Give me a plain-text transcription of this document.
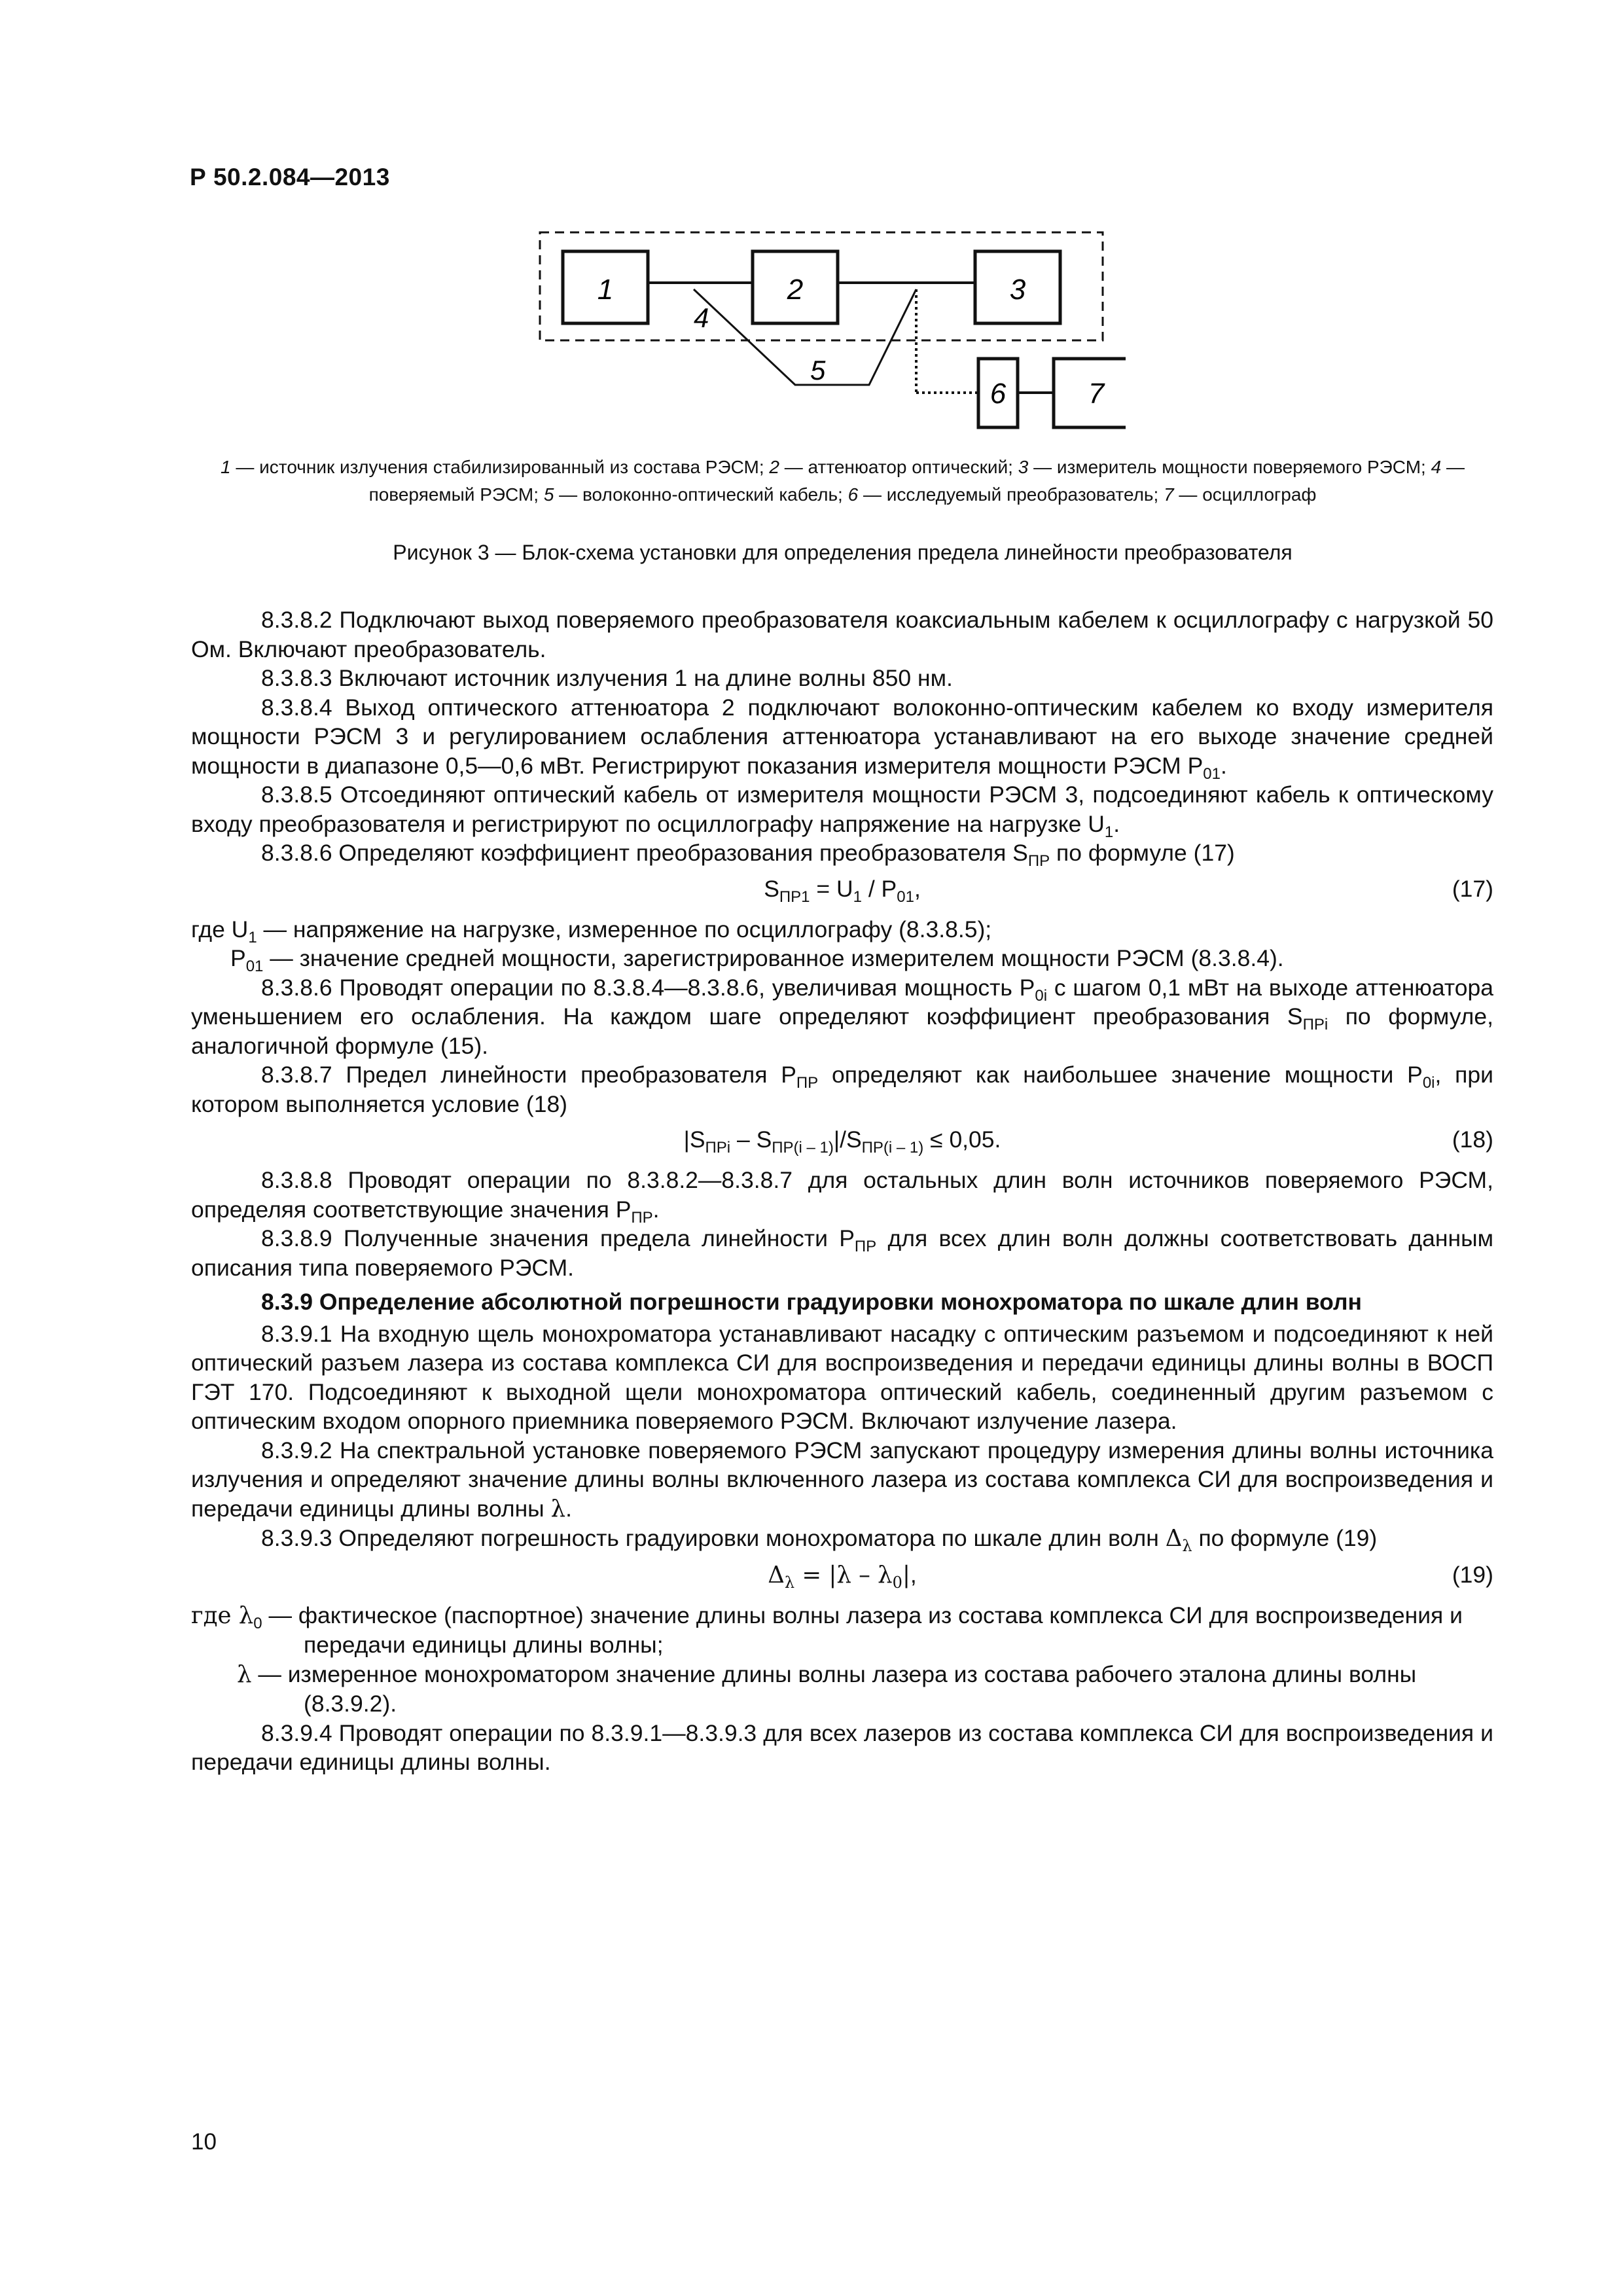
Р 50.2.084—2013
1	2	3
6	7
4
5
1 — источник излучения стабилизированный из состава РЭСМ; 2 — аттенюатор оптический; 3 — измеритель мощности поверяемого РЭСМ; 4 — поверяемый РЭСМ; 5 — волоконно-оптический кабель; 6 — исследуемый преобразователь; 7 — осциллограф
Рисунок 3 — Блок-схема установки для определения предела линейности преобразователя

8.3.8.2 Подключают выход поверяемого преобразователя коаксиальным кабелем к осциллографу с нагрузкой 50 Ом. Включают преобразователь.

8.3.8.3 Включают источник излучения 1 на длине волны 850 нм.

8.3.8.4 Выход оптического аттенюатора 2 подключают волоконно-оптическим кабелем ко входу измерителя мощности РЭСМ 3 и регулированием ослабления аттенюатора устанавливают на его выходе значение средней мощности в диапазоне 0,5—0,6 мВт. Регистрируют показания измерителя мощности РЭСМ $P_{01}$.

8.3.8.5 Отсоединяют оптический кабель от измерителя мощности РЭСМ 3, подсоединяют кабель к оптическому входу преобразователя и регистрируют по осциллографу напряжение на нагрузке $U_1$.

8.3.8.6 Определяют коэффициент преобразования преобразователя $S_{ПР}$ по формуле (17)

$S_{ПР1} = U_1 / P_{01}$,	(17)

где $U_1$ — напряжение на нагрузке, измеренное по осциллографу (8.3.8.5);

$P_{01}$ — значение средней мощности, зарегистрированное измерителем мощности РЭСМ (8.3.8.4).

8.3.8.6 Проводят операции по 8.3.8.4—8.3.8.6, увеличивая мощность $P_{0i}$ с шагом 0,1 мВт на выходе аттенюатора уменьшением его ослабления. На каждом шаге определяют коэффициент преобразования $S_{ПРi}$ по формуле, аналогичной формуле (15).

8.3.8.7 Предел линейности преобразователя $P_{ПР}$ определяют как наибольшее значение мощности $P_{0i}$, при котором выполняется условие (18)

$|S_{ПРi} - S_{ПР(i - 1)}|/S_{ПР(i - 1)} \le 0,05$.	(18)

8.3.8.8 Проводят операции по 8.3.8.2—8.3.8.7 для остальных длин волн источников поверяемого РЭСМ, определяя соответствующие значения $P_{ПР}$.

8.3.8.9 Полученные значения предела линейности $P_{ПР}$ для всех длин волн должны соответствовать данным описания типа поверяемого РЭСМ.

8.3.9 Определение абсолютной погрешности градуировки монохроматора по шкале длин волн

8.3.9.1 На входную щель монохроматора устанавливают насадку с оптическим разъемом и подсоединяют к ней оптический разъем лазера из состава комплекса СИ для воспроизведения и передачи единицы длины волны в ВОСП ГЭТ 170. Подсоединяют к выходной щели монохроматора оптический кабель, соединенный другим разъемом с оптическим входом опорного приемника поверяемого РЭСМ. Включают излучение лазера.

8.3.9.2 На спектральной установке поверяемого РЭСМ запускают процедуру измерения длины волны источника излучения и определяют значение длины волны включенного лазера из состава комплекса СИ для воспроизведения и передачи единицы длины волны λ.

8.3.9.3 Определяют погрешность градуировки монохроматора по шкале длин волн $\Delta_\lambda$ по формуле (19)

$\Delta_\lambda = |\lambda - \lambda_0|$,	(19)

где $\lambda_0$ — фактическое (паспортное) значение длины волны лазера из состава комплекса СИ для воспроизведения и передачи единицы длины волны;

λ — измеренное монохроматором значение длины волны лазера из состава рабочего эталона длины волны (8.3.9.2).

8.3.9.4 Проводят операции по 8.3.9.1—8.3.9.3 для всех лазеров из состава комплекса СИ для воспроизведения и передачи единицы длины волны.

10
